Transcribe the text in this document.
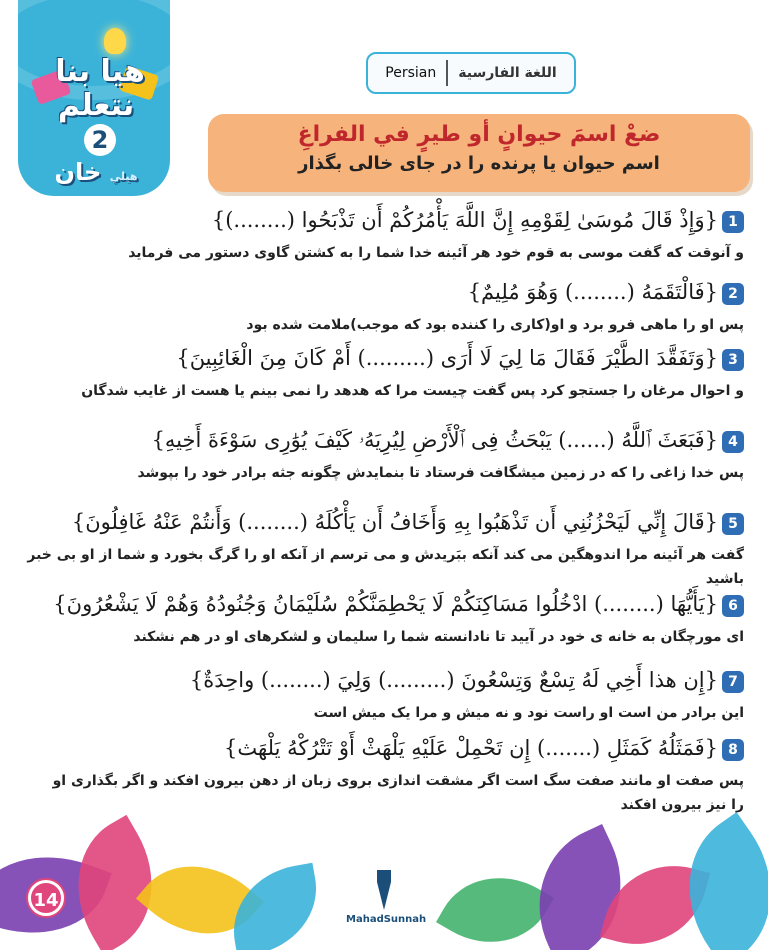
هيا بنا
نتعلم
2
هيلي خان
Persian اللغة الفارسية
ضعْ اسمَ حيوانٍ أو طيرٍ في الفراغِ
اسم حیوان یا پرنده را در جای خالی بگذار
1{وَإِذْ قَالَ مُوسَىٰ لِقَوْمِهِ إِنَّ اللَّهَ يَأْمُرُكُمْ أَن تَذْبَحُوا (........)}
و آنوقت که گفت موسی به قوم خود هر آئینه خدا شما را به کشتن گاوی دستور می فرماید
2{فَالْتَقَمَهُ (........) وَهُوَ مُلِيمٌ}
پس او را ماهی فرو برد و او(کاری را کننده بود که موجب)ملامت شده بود
3{وَتَفَقَّدَ الطَّيْرَ فَقَالَ مَا لِيَ لَا أَرَى (.........) أَمْ كَانَ مِنَ الْغَائِبِينَ}
و احوال مرغان را جستجو کرد پس گفت چیست مرا که هدهد را نمی بینم یا هست از غایب شدگان
4{فَبَعَثَ ٱللَّهُ (......) يَبْحَثُ فِى ٱلْأَرْضِ لِيُرِيَهُۥ كَيْفَ يُوَٰرِى سَوْءَةَ أَخِيهِ}
پس خدا زاغی را که در زمین میشگافت فرستاد تا بنمایدش چگونه جثه برادر خود را بپوشد
5{قَالَ إِنِّي لَيَحْزُنُنِي أَن تَذْهَبُوا بِهِ وَأَخَافُ أَن يَأْكُلَهُ (........) وَأَنتُمْ عَنْهُ غَافِلُونَ}
گفت هر آئینه مرا اندوهگین می کند آنکه ببَریدش و می ترسم از آنکه او را گرگ بخورد و شما از او بی خبر باشید
6{يَأَيُّهَا (........) ادْخُلُوا مَسَاكِنَكُمْ لَا يَحْطِمَنَّكُمْ سُلَيْمَانُ وَجُنُودُهُ وَهُمْ لَا يَشْعُرُونَ}
ای مورچگان به خانه ی خود در آیید تا نادانسته شما را سلیمان و لشکرهای او در هم نشکند
7{إِن هذا أَخِي لَهُ تِسْعٌ وَتِسْعُونَ (.........) وَلِيَ (........) واحِدَةٌ}
این برادر من است او راست نود و نه میش و مرا یک میش است
8{فَمَثَلُهُ كَمَثَلِ (.......) إِن تَحْمِلْ عَلَيْهِ يَلْهَثْ أَوْ تَتْرُكْهُ يَلْهَث}
پس صفت او مانند صفت سگ است اگر مشقت اندازی بروی زبان از دهن بیرون افکند و اگر بگذاری او را نیز بیرون افکند
14
MahadSunnah
